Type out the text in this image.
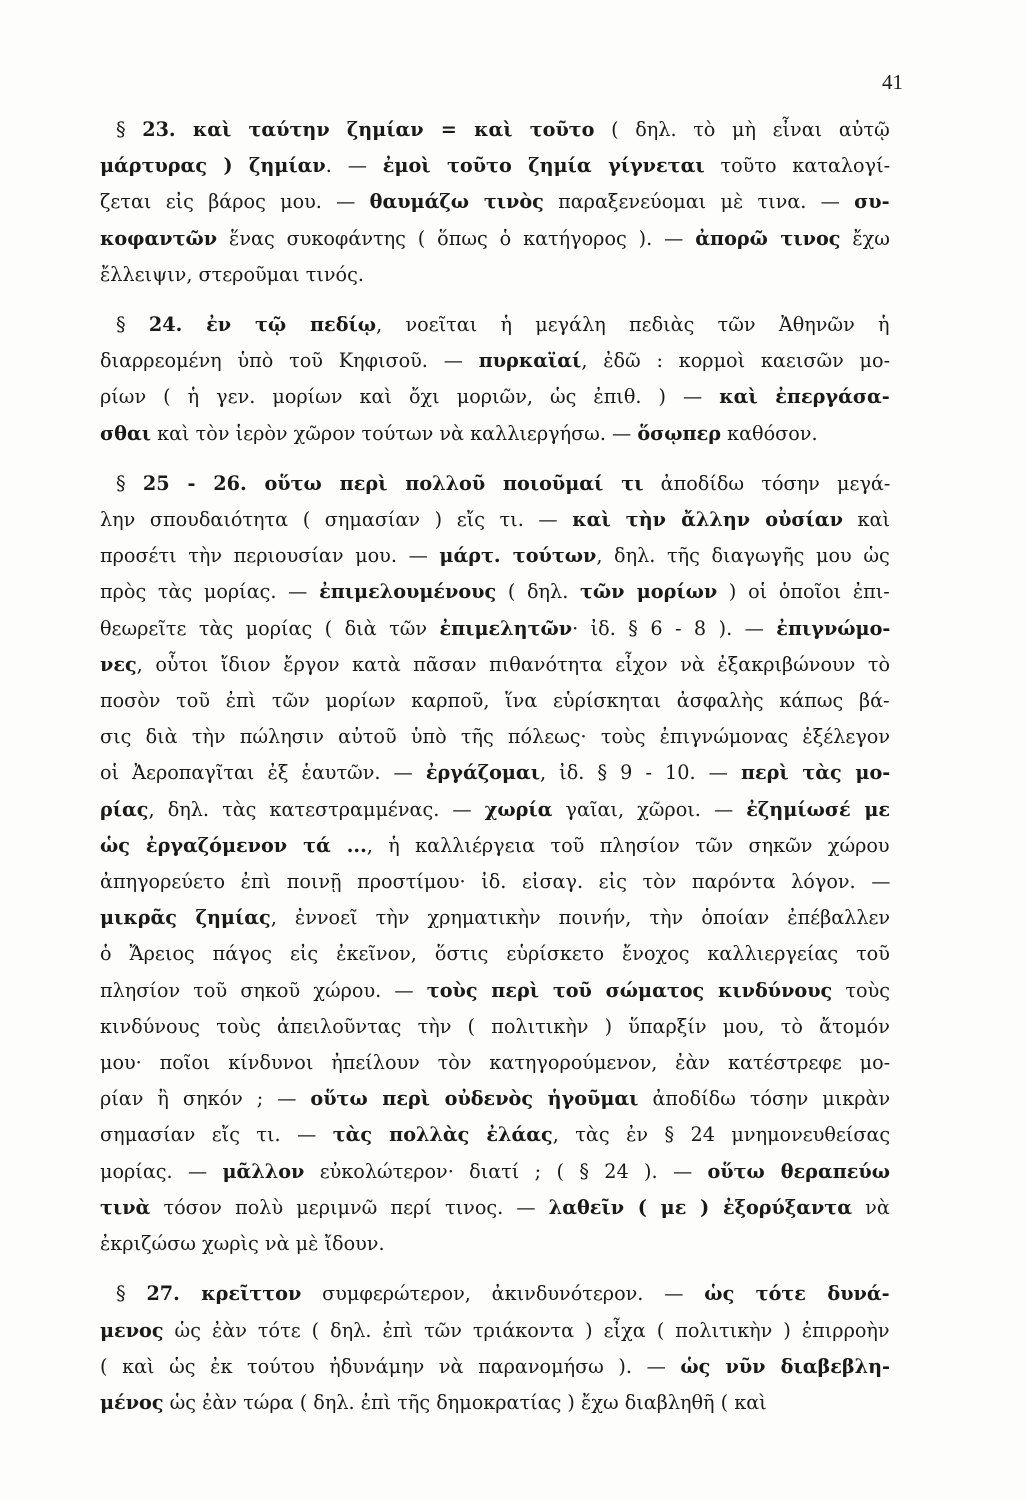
41
§ 23. καὶ ταύτην ζημίαν = καὶ τοῦτο ( δηλ. τὸ μὴ εἶναι αὐτῷ
μάρτυρας ) ζημίαν. — ἐμοὶ τοῦτο ζημία γίγνεται τοῦτο καταλογί-
ζεται εἰς βάρος μου. — θαυμάζω τινὸς παραξενεύομαι μὲ τινα. — συ-
κοφαντῶν ἕνας συκοφάντης ( ὅπως ὁ κατήγορος ). — ἀπορῶ τινος ἔχω
ἔλλειψιν, στεροῦμαι τινός.
§ 24. ἐν τῷ πεδίῳ, νοεῖται ἡ μεγάλη πεδιὰς τῶν Ἀθηνῶν ἡ
διαρρεομένη ὑπὸ τοῦ Κηφισοῦ. — πυρκαϊαί, ἐδῶ : κορμοὶ καεισῶν μο-
ρίων ( ἡ γεν. μορίων καὶ ὄχι μοριῶν, ὡς ἐπιθ. ) — καὶ ἐπεργάσα-
σθαι καὶ τὸν ἱερὸν χῶρον τούτων νὰ καλλιεργήσω. — ὅσῳπερ καθόσον.
§ 25 - 26. οὕτω περὶ πολλοῦ ποιοῦμαί τι ἀποδίδω τόσην μεγά-
λην σπουδαιότητα ( σημασίαν ) εἴς τι. — καὶ τὴν ἄλλην οὐσίαν καὶ
προσέτι τὴν περιουσίαν μου. — μάρτ. τούτων, δηλ. τῆς διαγωγῆς μου ὡς
πρὸς τὰς μορίας. — ἐπιμελουμένους ( δηλ. τῶν μορίων ) οἱ ὁποῖοι ἐπι-
θεωρεῖτε τὰς μορίας ( διὰ τῶν ἐπιμελητῶν· ἰδ. § 6 - 8 ). — ἐπιγνώμο-
νες, οὗτοι ἴδιον ἔργον κατὰ πᾶσαν πιθανότητα εἶχον νὰ ἐξακριβώνουν τὸ
ποσὸν τοῦ ἐπὶ τῶν μορίων καρποῦ, ἵνα εὑρίσκηται ἀσφαλὴς κάπως βά-
σις διὰ τὴν πώλησιν αὐτοῦ ὑπὸ τῆς πόλεως· τοὺς ἐπιγνώμονας ἐξέλεγον
οἱ Ἀεροπαγῖται ἐξ ἑαυτῶν. — ἐργάζομαι, ἰδ. § 9 - 10. — περὶ τὰς μο-
ρίας, δηλ. τὰς κατεστραμμένας. — χωρία γαῖαι, χῶροι. — ἐζημίωσέ με
ὡς ἐργαζόμενον τά ..., ἡ καλλιέργεια τοῦ πλησίον τῶν σηκῶν χώρου
ἀπηγορεύετο ἐπὶ ποινῇ προστίμου· ἰδ. εἰσαγ. εἰς τὸν παρόντα λόγον. —
μικρᾶς ζημίας, ἐννοεῖ τὴν χρηματικὴν ποινήν, τὴν ὁποίαν ἐπέβαλλεν
ὁ Ἄρειος πάγος εἰς ἐκεῖνον, ὅστις εὑρίσκετο ἔνοχος καλλιεργείας τοῦ
πλησίον τοῦ σηκοῦ χώρου. — τοὺς περὶ τοῦ σώματος κινδύνους τοὺς
κινδύνους τοὺς ἀπειλοῦντας τὴν ( πολιτικὴν ) ὕπαρξίν μου, τὸ ἄτομόν
μου· ποῖοι κίνδυνοι ἠπείλουν τὸν κατηγορούμενον, ἐὰν κατέστρεφε μο-
ρίαν ἢ σηκόν ; — οὕτω περὶ οὐδενὸς ἡγοῦμαι ἀποδίδω τόσην μικρὰν
σημασίαν εἴς τι. — τὰς πολλὰς ἐλάας, τὰς ἐν § 24 μνημονευθείσας
μορίας. — μᾶλλον εὐκολώτερον· διατί ; ( § 24 ). — οὕτω θεραπεύω
τινὰ τόσον πολὺ μεριμνῶ περί τινος. — λαθεῖν ( με ) ἐξορύξαντα νὰ
ἐκριζώσω χωρὶς νὰ μὲ ἴδουν.
§ 27. κρεῖττον συμφερώτερον, ἀκινδυνότερον. — ὡς τότε δυνά-
μενος ὡς ἐὰν τότε ( δηλ. ἐπὶ τῶν τριάκοντα ) εἶχα ( πολιτικὴν ) ἐπιρροὴν
( καὶ ὡς ἐκ τούτου ἠδυνάμην νὰ παρανομήσω ). — ὡς νῦν διαβεβλη-
μένος ὡς ἐὰν τώρα ( δηλ. ἐπὶ τῆς δημοκρατίας ) ἔχω διαβληθῆ ( καὶ
